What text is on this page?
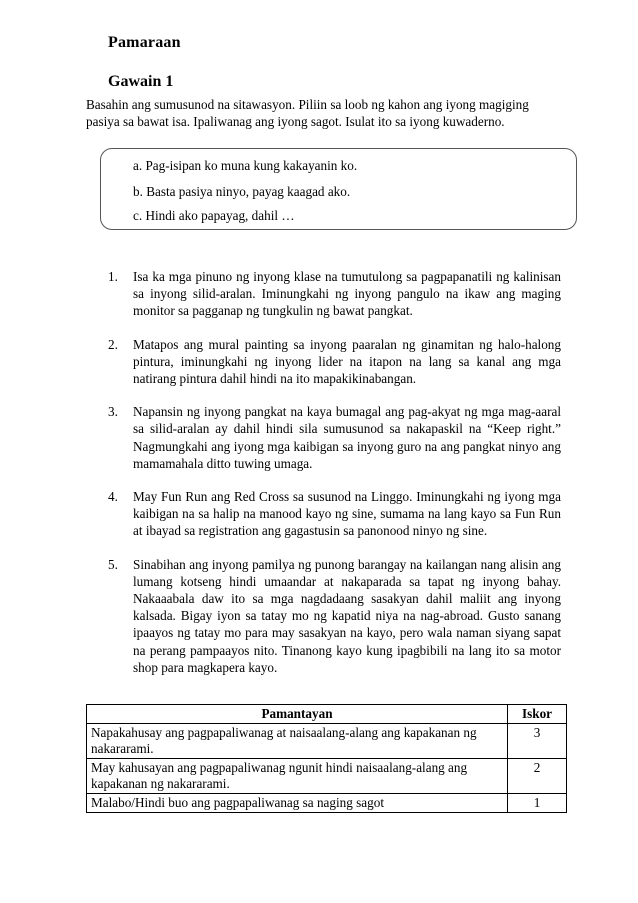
Pamaraan
Gawain 1
Basahin ang sumusunod na sitawasyon. Piliin sa loob ng kahon ang iyong magiging pasiya sa bawat isa. Ipaliwanag ang iyong sagot. Isulat ito sa iyong kuwaderno.
a. Pag-isipan ko muna kung kakayanin ko.
b. Basta pasiya ninyo, payag kaagad ako.
c. Hindi ako papayag, dahil …
1. Isa ka mga pinuno ng inyong klase na tumutulong sa pagpapanatili ng kalinisan sa inyong silid-aralan. Iminungkahi ng inyong pangulo na ikaw ang maging monitor sa pagganap ng tungkulin ng bawat pangkat.
2. Matapos ang mural painting sa inyong paaralan ng ginamitan ng halo-halong pintura, iminungkahi ng inyong lider na itapon na lang sa kanal ang mga natirang pintura dahil hindi na ito mapakikinabangan.
3. Napansin ng inyong pangkat na kaya bumagal ang pag-akyat ng mga mag-aaral sa silid-aralan ay dahil hindi sila sumusunod sa nakapaskil na “Keep right.” Nagmungkahi ang iyong mga kaibigan sa inyong guro na ang pangkat ninyo ang mamamahala ditto tuwing umaga.
4. May Fun Run ang Red Cross sa susunod na Linggo. Iminungkahi ng iyong mga kaibigan na sa halip na manood kayo ng sine, sumama na lang kayo sa Fun Run at ibayad sa registration ang gagastusin sa panonood ninyo ng sine.
5. Sinabihan ang inyong pamilya ng punong barangay na kailangan nang alisin ang lumang kotseng hindi umaandar at nakaparada sa tapat ng inyong bahay. Nakaaabala daw ito sa mga nagdadaang sasakyan dahil maliit ang inyong kalsada. Bigay iyon sa tatay mo ng kapatid niya na nag-abroad. Gusto sanang ipaayos ng tatay mo para may sasakyan na kayo, pero wala naman siyang sapat na perang pampaayos nito. Tinanong kayo kung ipagbibili na lang ito sa motor shop para magkapera kayo.
Pamantayan	Iskor
Napakahusay ang pagpapaliwanag at naisaalang-alang ang kapakanan ng nakararami.	3
May kahusayan ang pagpapaliwanag ngunit hindi naisaalang-alang ang kapakanan ng nakararami.	2
Malabo/Hindi buo ang pagpapaliwanag sa naging sagot	1
